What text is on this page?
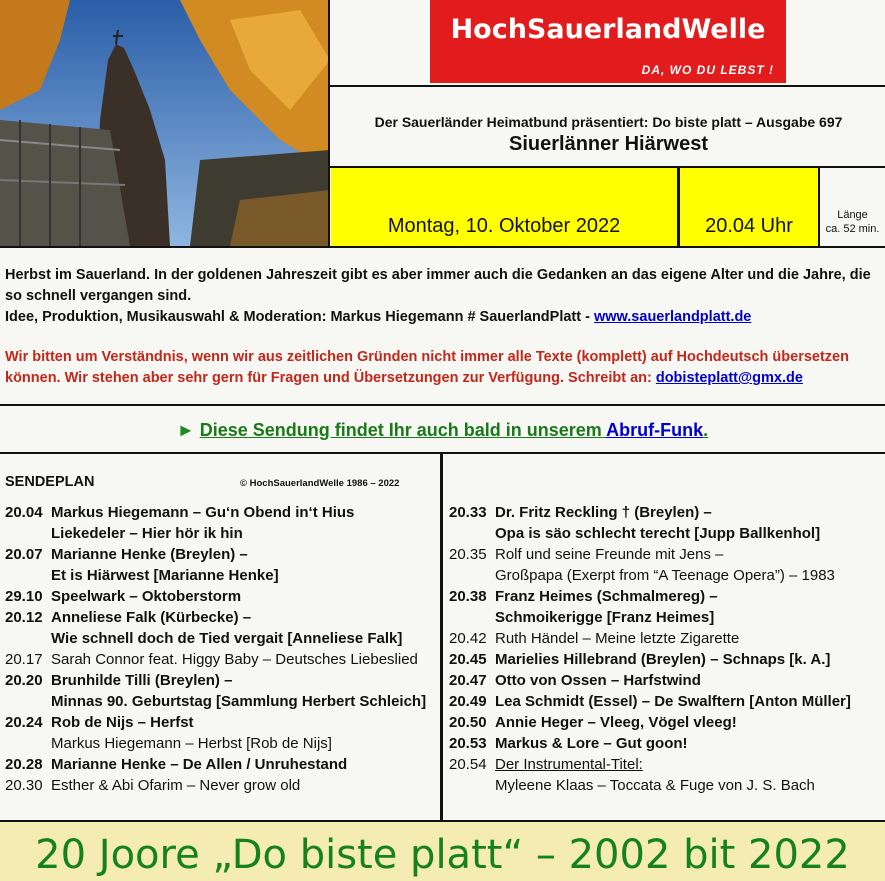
HochSauerlandWelle
DA, WO DU LEBST !
Der Sauerländer Heimatbund präsentiert: Do biste platt – Ausgabe 697
Siuerlänner Hiärwest
Montag, 10. Oktober 2022	20.04 Uhr	Länge
ca. 52 min.
Herbst im Sauerland. In der goldenen Jahreszeit gibt es aber immer auch die Gedanken an das eigene Alter und die Jahre, die so schnell vergangen sind.
Idee, Produktion, Musikauswahl & Moderation: Markus Hiegemann # SauerlandPlatt - www.sauerlandplatt.de
Wir bitten um Verständnis, wenn wir aus zeitlichen Gründen nicht immer alle Texte (komplett) auf Hochdeutsch übersetzen können. Wir stehen aber sehr gern für Fragen und Übersetzungen zur Verfügung. Schreibt an: dobisteplatt@gmx.de
► Diese Sendung findet Ihr auch bald in unserem Abruf-Funk.
SENDEPLAN	© HochSauerlandWelle 1986 – 2022
20.04 Markus Hiegemann – Gu‘n Obend in‘t Hius
Liekedeler – Hier hör ik hin
20.07 Marianne Henke (Breylen) –
Et is Hiärwest [Marianne Henke]
29.10 Speelwark – Oktoberstorm
20.12 Anneliese Falk (Kürbecke) –
Wie schnell doch de Tied vergait [Anneliese Falk]
20.17 Sarah Connor feat. Higgy Baby – Deutsches Liebeslied
20.20 Brunhilde Tilli (Breylen) –
Minnas 90. Geburtstag [Sammlung Herbert Schleich]
20.24 Rob de Nijs – Herfst
Markus Hiegemann – Herbst [Rob de Nijs]
20.28 Marianne Henke – De Allen / Unruhestand
20.30 Esther & Abi Ofarim – Never grow old
20.33 Dr. Fritz Reckling † (Breylen) –
Opa is säo schlecht terecht [Jupp Ballkenhol]
20.35 Rolf und seine Freunde mit Jens –
Großpapa (Exerpt from “A Teenage Opera”) – 1983
20.38 Franz Heimes (Schmalmereg) –
Schmoikerigge [Franz Heimes]
20.42 Ruth Händel – Meine letzte Zigarette
20.45 Marielies Hillebrand (Breylen) – Schnaps [k. A.]
20.47 Otto von Ossen – Harfstwind
20.49 Lea Schmidt (Essel) – De Swalftern [Anton Müller]
20.50 Annie Heger – Vleeg, Vögel vleeg!
20.53 Markus & Lore – Gut goon!
20.54 Der Instrumental-Titel:
Myleene Klaas – Toccata & Fuge von J. S. Bach
20 Joore „Do biste platt“ – 2002 bit 2022
